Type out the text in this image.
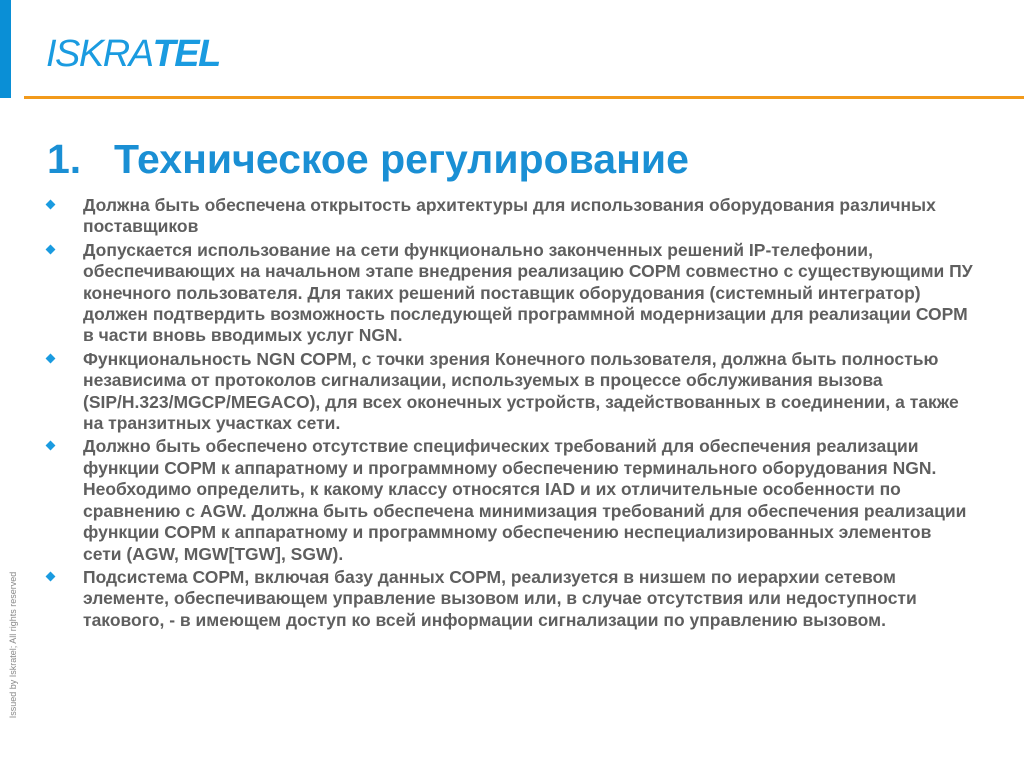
ISKRATEL
1. Техническое регулирование
Должна быть обеспечена открытость архитектуры для использования оборудования различных поставщиков
Допускается использование на сети функционально законченных решений IP-телефонии, обеспечивающих на начальном этапе внедрения реализацию СОРМ совместно с существующими ПУ конечного пользователя. Для таких решений поставщик оборудования (системный интегратор) должен подтвердить возможность последующей программной модернизации для реализации СОРМ в части вновь вводимых услуг NGN.
Функциональность NGN СОРМ, с точки зрения Конечного пользователя, должна быть полностью независима от протоколов сигнализации, используемых в процессе обслуживания вызова (SIP/H.323/MGCP/MEGACO), для всех оконечных устройств, задействованных в соединении, а также на транзитных участках сети.
Должно быть обеспечено отсутствие специфических требований для обеспечения реализации функции СОРМ к аппаратному и программному обеспечению терминального оборудования NGN. Необходимо определить, к какому классу относятся IAD и их отличительные особенности по сравнению с AGW. Должна быть обеспечена минимизация требований для обеспечения реализации функции СОРМ к аппаратному и программному обеспечению неспециализированных элементов сети (AGW, MGW[TGW], SGW).
Подсистема СОРМ, включая базу данных СОРМ, реализуется в низшем по иерархии сетевом элементе, обеспечивающем управление вызовом или, в случае отсутствия или недоступности такового, - в имеющем доступ ко всей информации сигнализации по управлению вызовом.
Issued by Iskratel; All rights reserved
